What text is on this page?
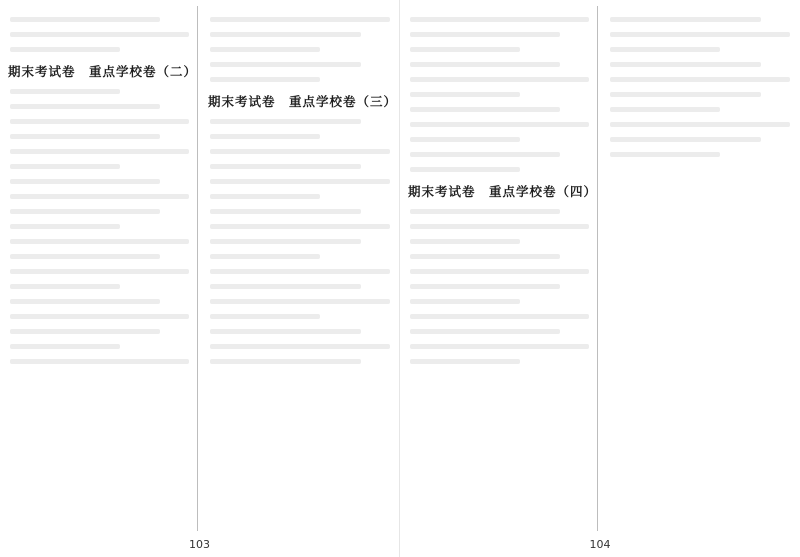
期末考试卷　重点学校卷（二）
期末考试卷　重点学校卷（三）
103
期末考试卷　重点学校卷（四）
104
